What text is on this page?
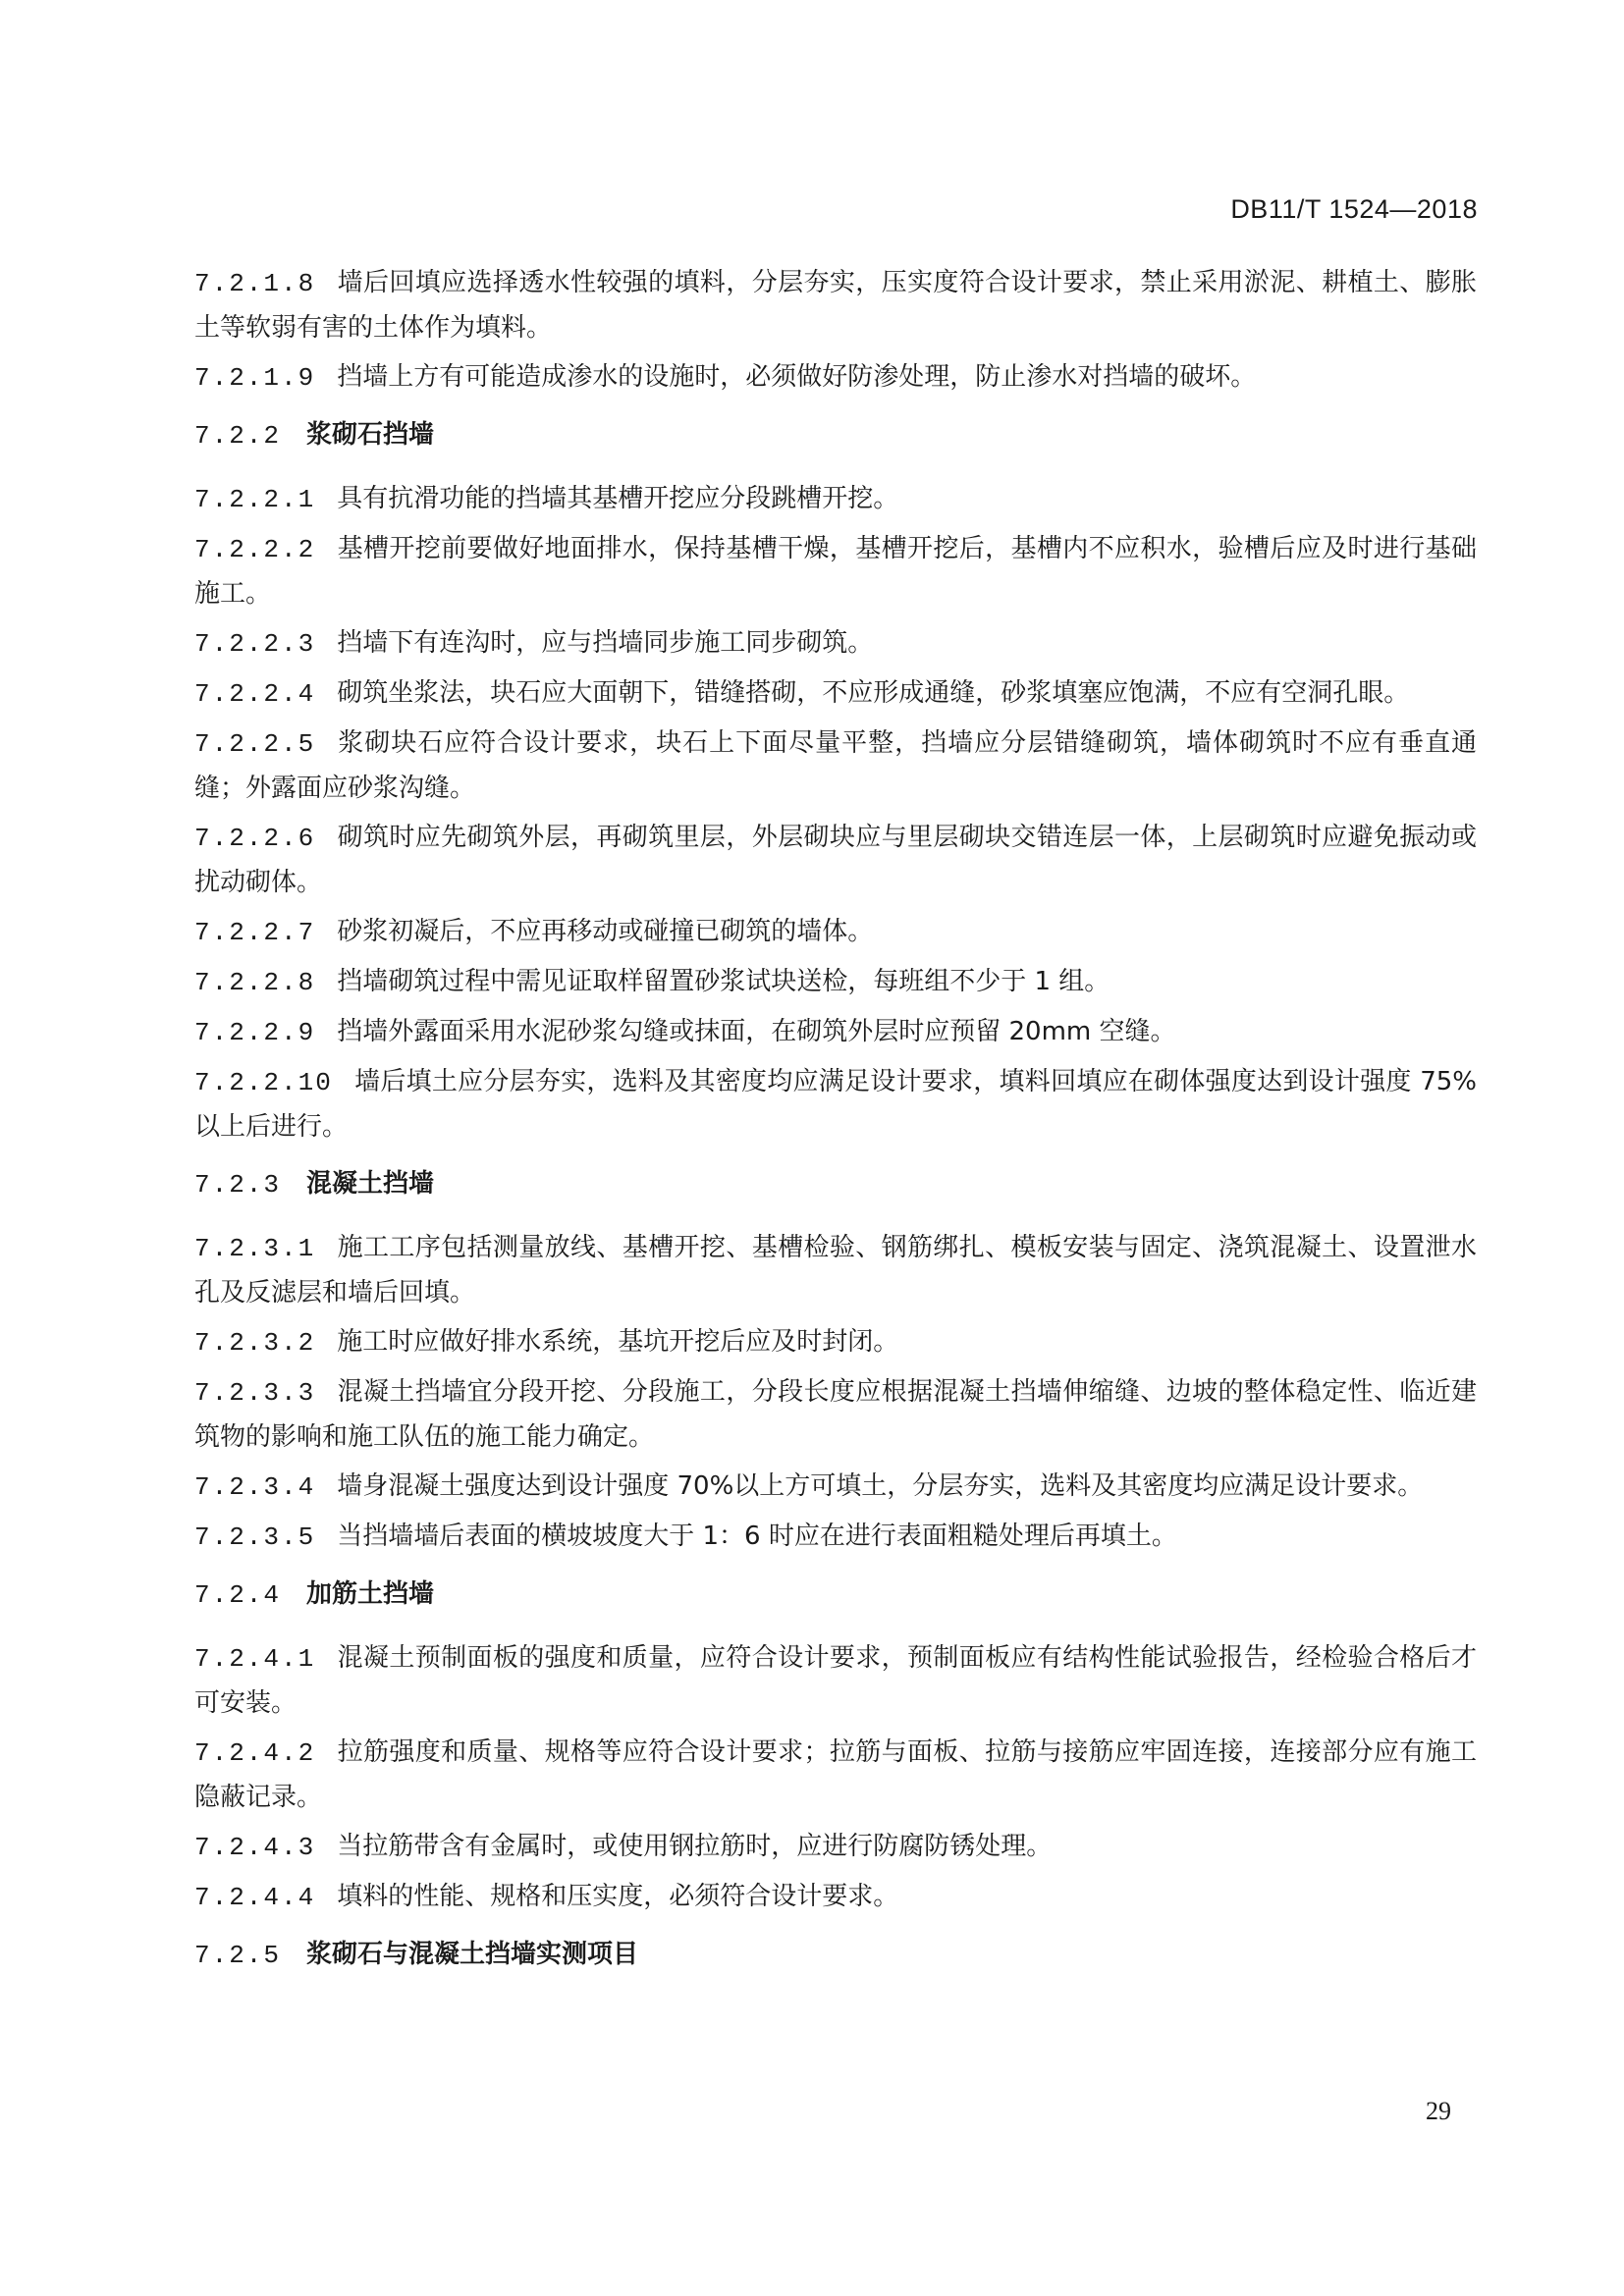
DB11/T 1524—2018
7.2.1.8 墙后回填应选择透水性较强的填料，分层夯实，压实度符合设计要求，禁止采用淤泥、耕植土、膨胀土等软弱有害的土体作为填料。
7.2.1.9 挡墙上方有可能造成渗水的设施时，必须做好防渗处理，防止渗水对挡墙的破坏。
7.2.2 浆砌石挡墙
7.2.2.1 具有抗滑功能的挡墙其基槽开挖应分段跳槽开挖。
7.2.2.2 基槽开挖前要做好地面排水，保持基槽干燥，基槽开挖后，基槽内不应积水，验槽后应及时进行基础施工。
7.2.2.3 挡墙下有连沟时，应与挡墙同步施工同步砌筑。
7.2.2.4 砌筑坐浆法，块石应大面朝下，错缝搭砌，不应形成通缝，砂浆填塞应饱满，不应有空洞孔眼。
7.2.2.5 浆砌块石应符合设计要求，块石上下面尽量平整，挡墙应分层错缝砌筑，墙体砌筑时不应有垂直通缝；外露面应砂浆沟缝。
7.2.2.6 砌筑时应先砌筑外层，再砌筑里层，外层砌块应与里层砌块交错连层一体，上层砌筑时应避免振动或扰动砌体。
7.2.2.7 砂浆初凝后，不应再移动或碰撞已砌筑的墙体。
7.2.2.8 挡墙砌筑过程中需见证取样留置砂浆试块送检，每班组不少于 1 组。
7.2.2.9 挡墙外露面采用水泥砂浆勾缝或抹面，在砌筑外层时应预留 20mm 空缝。
7.2.2.10 墙后填土应分层夯实，选料及其密度均应满足设计要求，填料回填应在砌体强度达到设计强度 75%以上后进行。
7.2.3 混凝土挡墙
7.2.3.1 施工工序包括测量放线、基槽开挖、基槽检验、钢筋绑扎、模板安装与固定、浇筑混凝土、设置泄水孔及反滤层和墙后回填。
7.2.3.2 施工时应做好排水系统，基坑开挖后应及时封闭。
7.2.3.3 混凝土挡墙宜分段开挖、分段施工，分段长度应根据混凝土挡墙伸缩缝、边坡的整体稳定性、临近建筑物的影响和施工队伍的施工能力确定。
7.2.3.4 墙身混凝土强度达到设计强度 70%以上方可填土，分层夯实，选料及其密度均应满足设计要求。
7.2.3.5 当挡墙墙后表面的横坡坡度大于 1：6 时应在进行表面粗糙处理后再填土。
7.2.4 加筋土挡墙
7.2.4.1 混凝土预制面板的强度和质量，应符合设计要求，预制面板应有结构性能试验报告，经检验合格后才可安装。
7.2.4.2 拉筋强度和质量、规格等应符合设计要求；拉筋与面板、拉筋与接筋应牢固连接，连接部分应有施工隐蔽记录。
7.2.4.3 当拉筋带含有金属时，或使用钢拉筋时，应进行防腐防锈处理。
7.2.4.4 填料的性能、规格和压实度，必须符合设计要求。
7.2.5 浆砌石与混凝土挡墙实测项目
29
